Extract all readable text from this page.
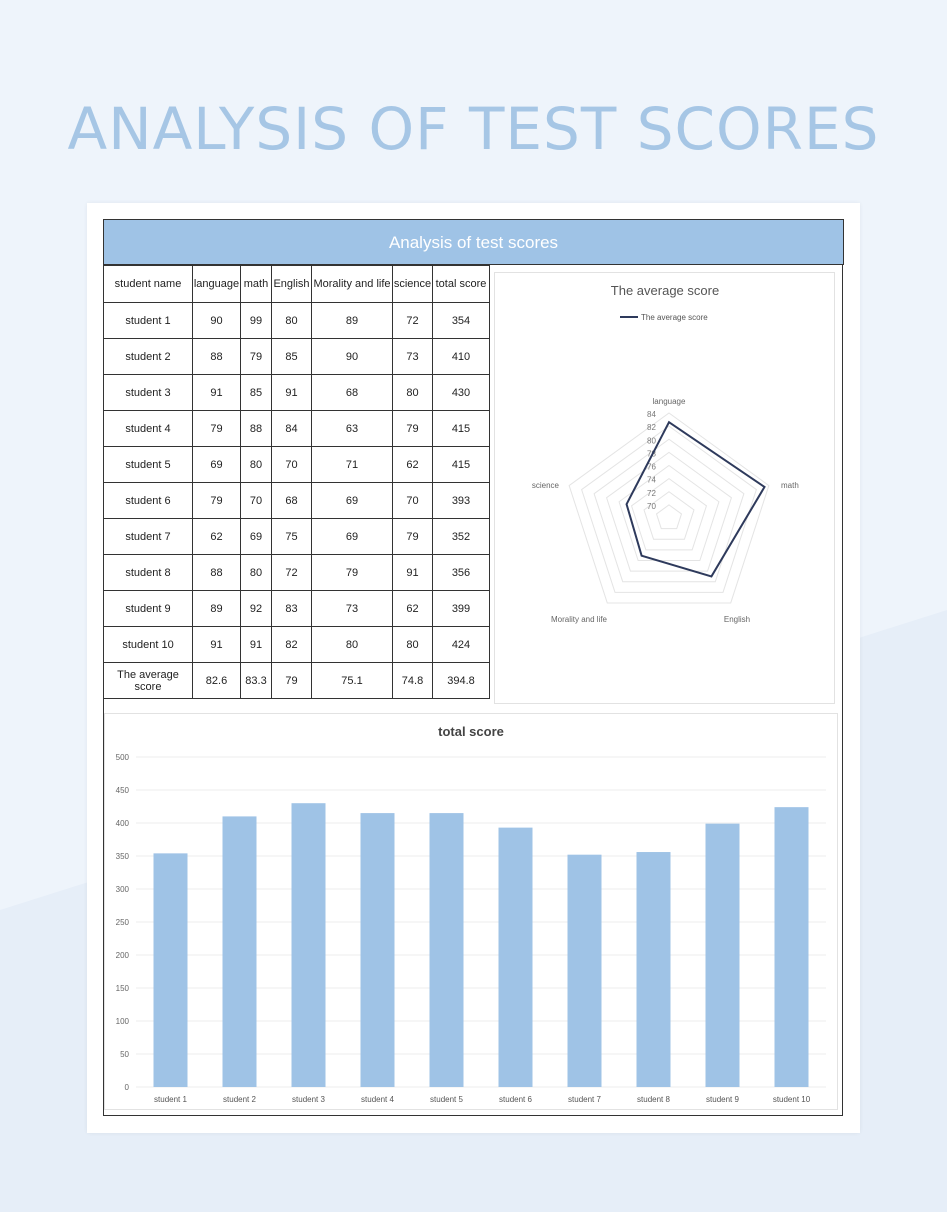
ANALYSIS OF TEST SCORES
Analysis of test scores
student name	language	math	English	Morality and life	science	total score
student 1	90	99	80	89	72	354
student 2	88	79	85	90	73	410
student 3	91	85	91	68	80	430
student 4	79	88	84	63	79	415
student 5	69	80	70	71	62	415
student 6	79	70	68	69	70	393
student 7	62	69	75	69	79	352
student 8	88	80	72	79	91	356
student 9	89	92	83	73	62	399
student 10	91	91	82	80	80	424
The average score	82.6	83.3	79	75.1	74.8	394.8
The average score
The average score
70
72
74
76
78
80
82
84
language
math
English
Morality and life
science
total score
0
50
100
150
200
250
300
350
400
450
500
student 1	student 2	student 3	student 4	student 5	student 6	student 7	student 8	student 9	student 10
